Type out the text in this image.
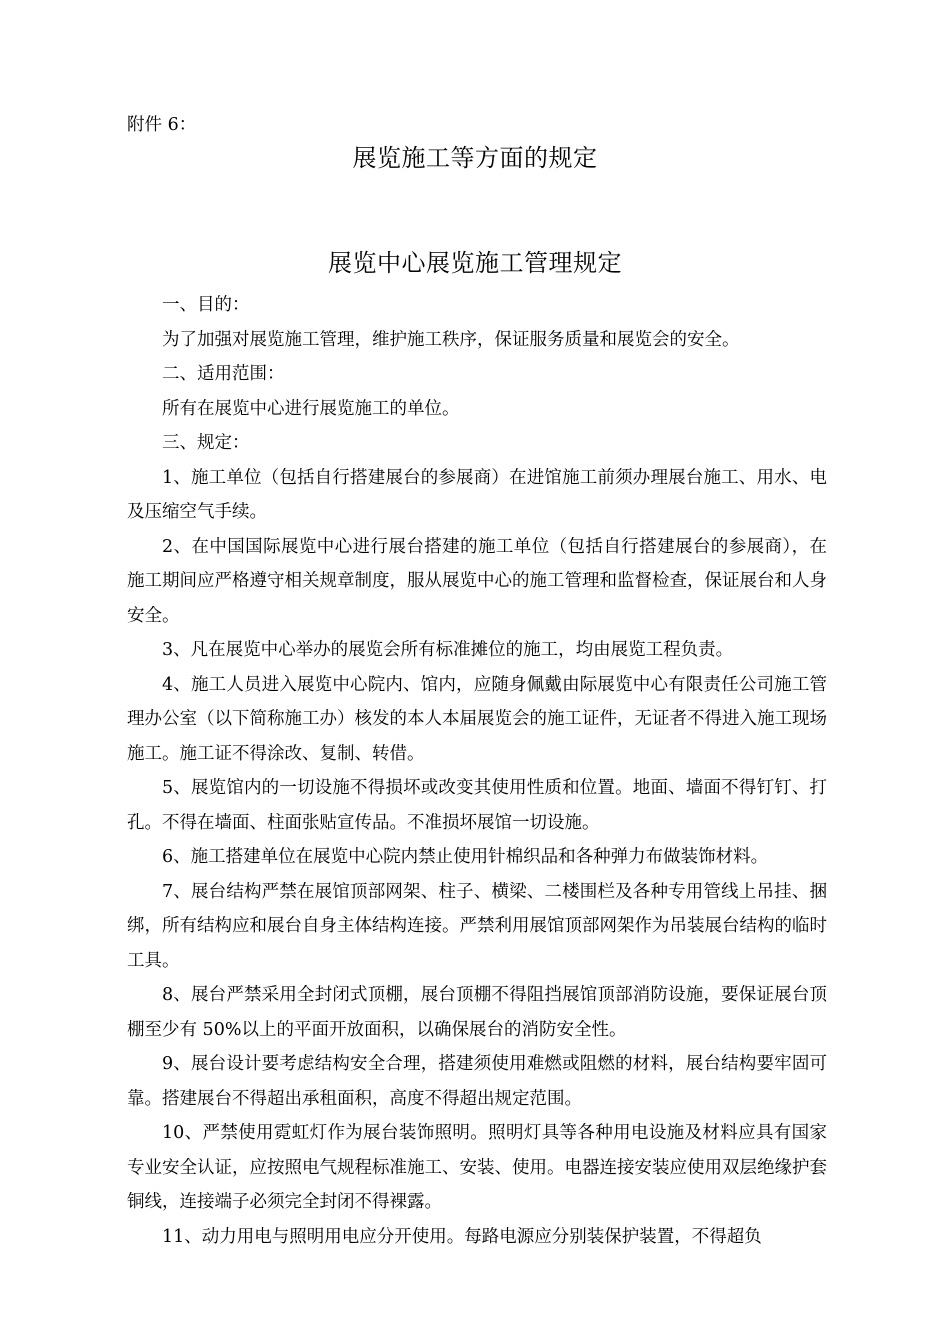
附件 6：
展览施工等方面的规定
展览中心展览施工管理规定

一、目的：

为了加强对展览施工管理，维护施工秩序，保证服务质量和展览会的安全。

二、适用范围：

所有在展览中心进行展览施工的单位。

三、规定：

1、施工单位（包括自行搭建展台的参展商）在进馆施工前须办理展台施工、用水、电及压缩空气手续。

2、在中国国际展览中心进行展台搭建的施工单位（包括自行搭建展台的参展商），在施工期间应严格遵守相关规章制度，服从展览中心的施工管理和监督检查，保证展台和人身安全。

3、凡在展览中心举办的展览会所有标准摊位的施工，均由展览工程负责。

4、施工人员进入展览中心院内、馆内，应随身佩戴由际展览中心有限责任公司施工管理办公室（以下简称施工办）核发的本人本届展览会的施工证件，无证者不得进入施工现场施工。施工证不得涂改、复制、转借。

5、展览馆内的一切设施不得损坏或改变其使用性质和位置。地面、墙面不得钉钉、打孔。不得在墙面、柱面张贴宣传品。不准损坏展馆一切设施。

6、施工搭建单位在展览中心院内禁止使用针棉织品和各种弹力布做装饰材料。

7、展台结构严禁在展馆顶部网架、柱子、横梁、二楼围栏及各种专用管线上吊挂、捆绑，所有结构应和展台自身主体结构连接。严禁利用展馆顶部网架作为吊装展台结构的临时工具。

8、展台严禁采用全封闭式顶棚，展台顶棚不得阻挡展馆顶部消防设施，要保证展台顶棚至少有 50%以上的平面开放面积，以确保展台的消防安全性。

9、展台设计要考虑结构安全合理，搭建须使用难燃或阻燃的材料，展台结构要牢固可靠。搭建展台不得超出承租面积，高度不得超出规定范围。

10、严禁使用霓虹灯作为展台装饰照明。照明灯具等各种用电设施及材料应具有国家专业安全认证，应按照电气规程标准施工、安装、使用。电器连接安装应使用双层绝缘护套铜线，连接端子必须完全封闭不得裸露。

11、动力用电与照明用电应分开使用。每路电源应分别装保护装置，不得超负
